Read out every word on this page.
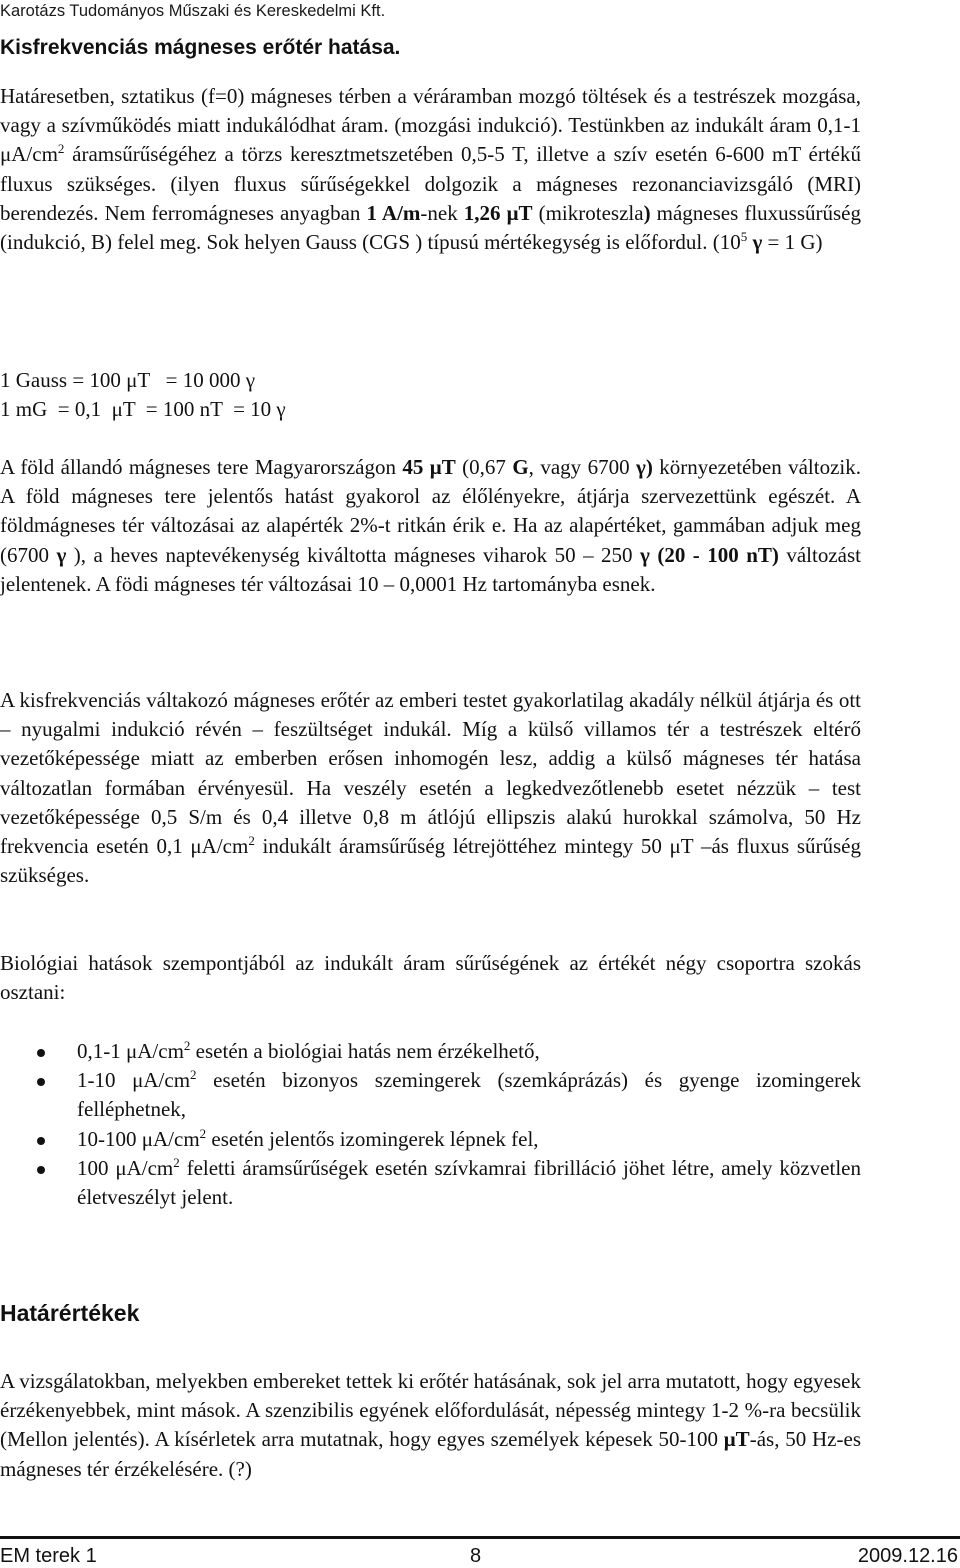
Karotázs Tudományos Műszaki és Kereskedelmi Kft.
Kisfrekvenciás mágneses erőtér hatása.

Határesetben, sztatikus (f=0) mágneses térben a véráramban mozgó töltések és a testrészek mozgása, vagy a szívműködés miatt indukálódhat áram. (mozgási indukció). Testünkben az indukált áram 0,1-1 $\mu A/cm^2$ áramsűrűségéhez a törzs keresztmetszetében 0,5-5 T, illetve a szív esetén 6-600 mT értékű fluxus szükséges. (ilyen fluxus sűrűségekkel dolgozik a mágneses rezonanciavizsgáló (MRI) berendezés. Nem ferromágneses anyagban 1 A/m-nek 1,26 μT (mikroteszla) mágneses fluxussűrűség (indukció, B) felel meg. Sok helyen Gauss (CGS ) típusú mértékegység is előfordul. ($10^5$ γ = 1 G)

1 Gauss = 100 μT   = 10 000 γ

1 mG  = 0,1  μT  = 100 nT  = 10 γ

A föld állandó mágneses tere Magyarországon 45 μT (0,67 G, vagy 6700 γ) környezetében változik. A föld mágneses tere jelentős hatást gyakorol az élőlényekre, átjárja szervezettünk egészét. A földmágneses tér változásai az alapérték 2%-t ritkán érik e. Ha az alapértéket, gammában adjuk meg (6700 γ ), a heves naptevékenység kiváltotta mágneses viharok 50 – 250 γ (20 - 100 nT) változást jelentenek. A födi mágneses tér változásai 10 – 0,0001 Hz tartományba esnek.

A kisfrekvenciás váltakozó mágneses erőtér az emberi testet gyakorlatilag akadály nélkül átjárja és ott – nyugalmi indukció révén – feszültséget indukál. Míg a külső villamos tér a testrészek eltérő vezetőképessége miatt az emberben erősen inhomogén lesz, addig a külső mágneses tér hatása változatlan formában érvényesül. Ha veszély esetén a legkedvezőtlenebb esetet nézzük – test vezetőképessége 0,5 S/m és 0,4 illetve 0,8 m átlójú ellipszis alakú hurokkal számolva, 50 Hz frekvencia esetén 0,1 $\mu A/cm^2$ indukált áramsűrűség létrejöttéhez mintegy 50 μT –ás fluxus sűrűség szükséges.

Biológiai hatások szempontjából az indukált áram sűrűségének az értékét négy csoportra szokás osztani:

0,1-1 $\mu A/cm^2$ esetén a biológiai hatás nem érzékelhető,
1-10 $\mu A/cm^2$ esetén bizonyos szemingerek (szemkáprázás) és gyenge izomingerek felléphetnek,
10-100 $\mu A/cm^2$ esetén jelentős izomingerek lépnek fel,
100 $\mu A/cm^2$ feletti áramsűrűségek esetén szívkamrai fibrilláció jöhet létre, amely közvetlen életveszélyt jelent.
Határértékek

A vizsgálatokban, melyekben embereket tettek ki erőtér hatásának, sok jel arra mutatott, hogy egyesek érzékenyebbek, mint mások. A szenzibilis egyének előfordulását, népesség mintegy 1-2 %-ra becsülik (Mellon jelentés). A kísérletek arra mutatnak, hogy egyes személyek képesek 50-100 μT-ás, 50 Hz-es mágneses tér érzékelésére. (?)

EM terek 1	8	2009.12.16
